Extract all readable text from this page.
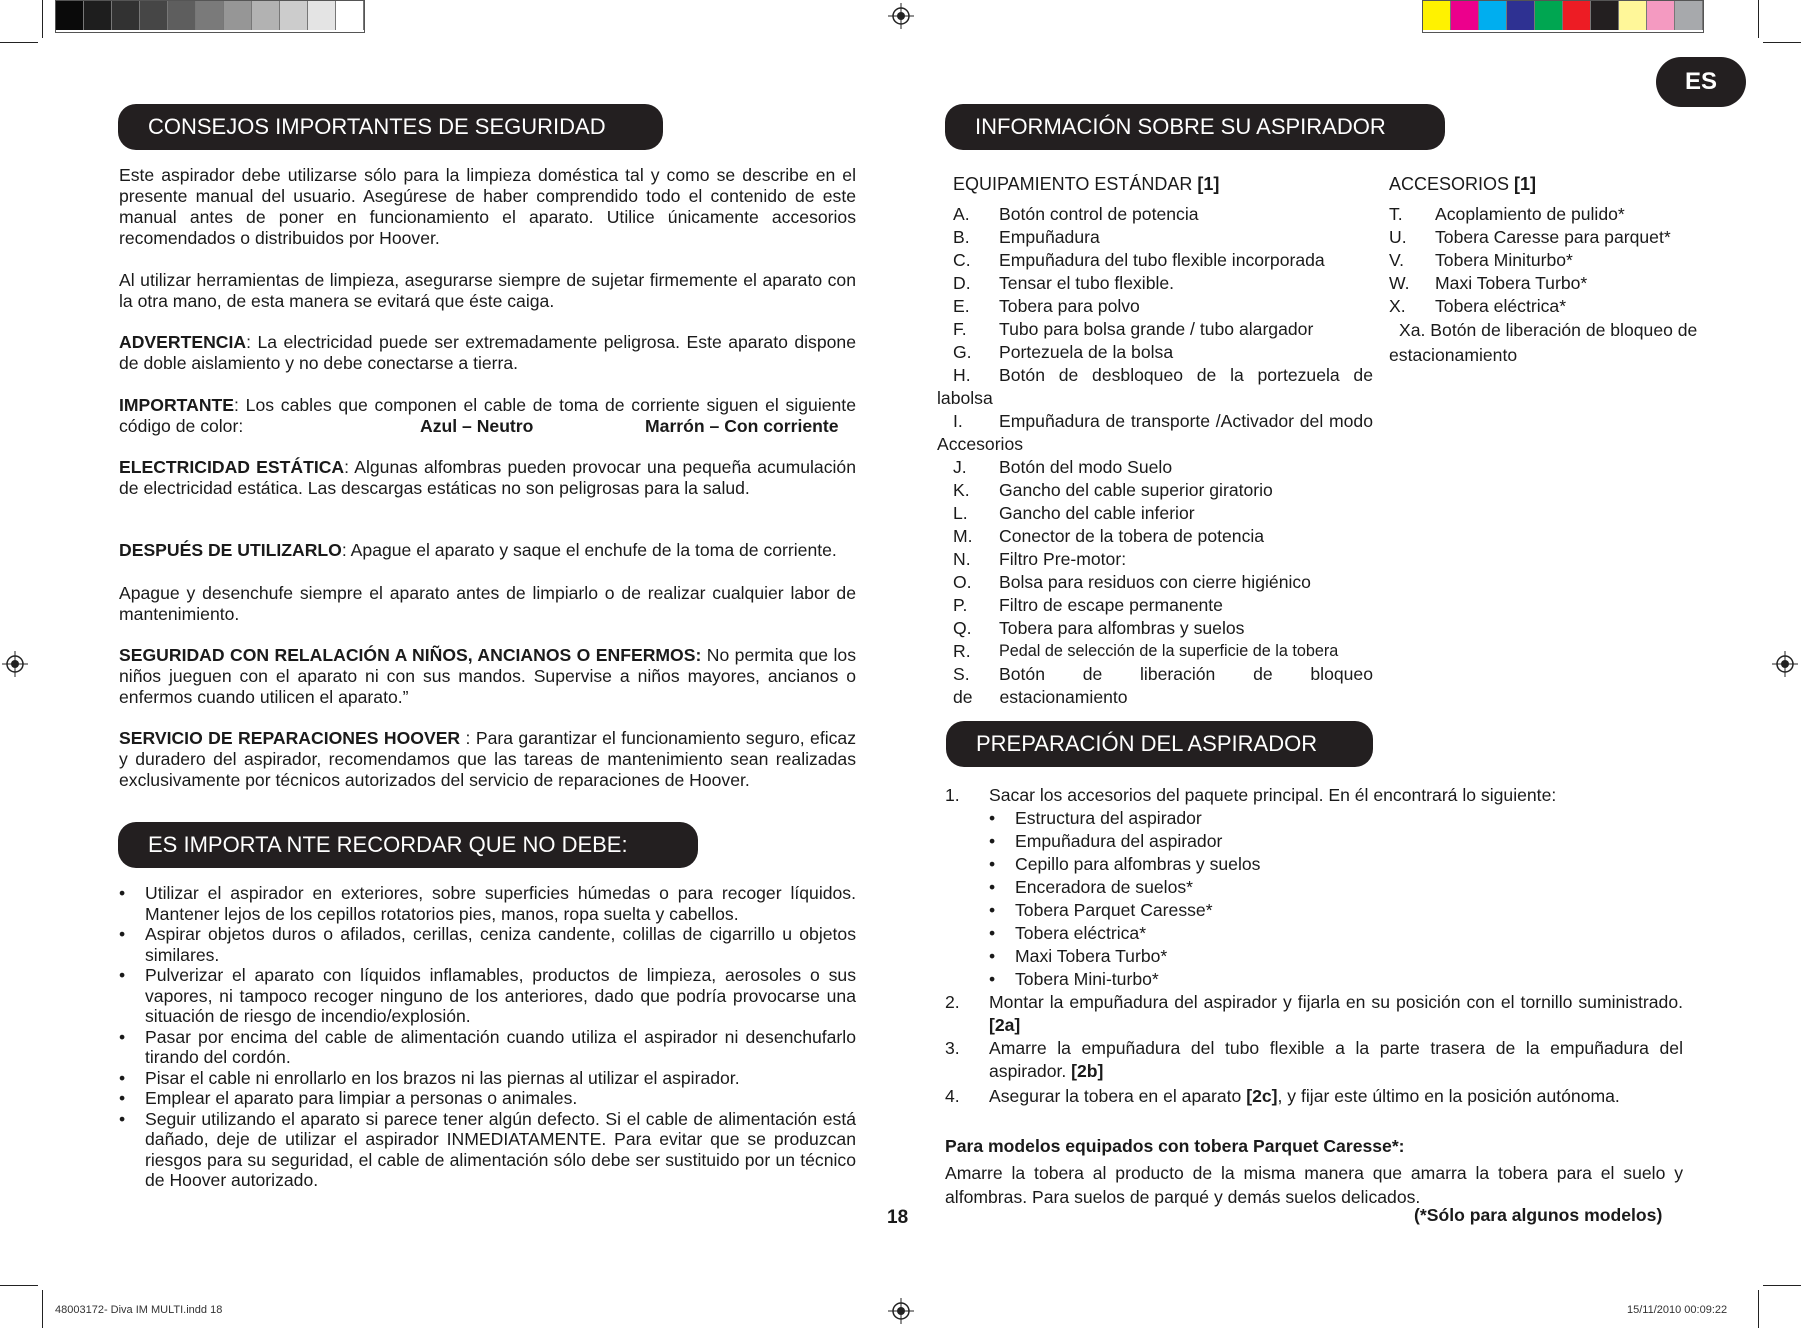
ES
CONSEJOS IMPORTANTES DE SEGURIDAD
Este aspirador debe utilizarse sólo para la limpieza doméstica tal y como se describe en el presente manual del usuario. Asegúrese de haber comprendido todo el contenido de este manual antes de poner en funcionamiento el aparato. Utilice únicamente accesorios recomendados o distribuidos por Hoover.
Al utilizar herramientas de limpieza, asegurarse siempre de sujetar firmemente el aparato con la otra mano, de esta manera se evitará que éste caiga.
ADVERTENCIA: La electricidad puede ser extremadamente peligrosa. Este aparato dispone de doble aislamiento y no debe conectarse a tierra.
IMPORTANTE: Los cables que componen el cable de toma de corriente siguen el siguiente código de color:	Azul – Neutro	Marrón – Con corriente
ELECTRICIDAD ESTÁTICA: Algunas alfombras pueden provocar una pequeña acumulación de electricidad estática. Las descargas estáticas no son peligrosas para la salud.
DESPUÉS DE UTILIZARLO: Apague el aparato y saque el enchufe de la toma de corriente.
Apague y desenchufe siempre el aparato antes de limpiarlo o de realizar cualquier labor de mantenimiento.
SEGURIDAD CON RELALACIÓN A NIÑOS, ANCIANOS O ENFERMOS: No permita que los niños jueguen con el aparato ni con sus mandos. Supervise a niños mayores, ancianos o enfermos cuando utilicen el aparato.”
SERVICIO DE REPARACIONES HOOVER : Para garantizar el funcionamiento seguro, eficaz y duradero del aspirador, recomendamos que las tareas de mantenimiento sean realizadas exclusivamente por técnicos autorizados del servicio de reparaciones de Hoover.
ES IMPORTA NTE RECORDAR QUE NO DEBE:
• Utilizar el aspirador en exteriores, sobre superficies húmedas o para recoger líquidos. Mantener lejos de los cepillos rotatorios pies, manos, ropa suelta y cabellos.
• Aspirar objetos duros o afilados, cerillas, ceniza candente, colillas de cigarrillo u objetos similares.
• Pulverizar el aparato con líquidos inflamables, productos de limpieza, aerosoles o sus vapores, ni tampoco recoger ninguno de los anteriores, dado que podría provocarse una situación de riesgo de incendio/explosión.
• Pasar por encima del cable de alimentación cuando utiliza el aspirador ni desenchufarlo tirando del cordón.
• Pisar el cable ni enrollarlo en los brazos ni las piernas al utilizar el aspirador.
• Emplear el aparato para limpiar a personas o animales.
• Seguir utilizando el aparato si parece tener algún defecto. Si el cable de alimentación está dañado, deje de utilizar el aspirador INMEDIATAMENTE. Para evitar que se produzcan riesgos para su seguridad, el cable de alimentación sólo debe ser sustituido por un técnico de Hoover autorizado.
18
INFORMACIÓN SOBRE SU ASPIRADOR
EQUIPAMIENTO ESTÁNDAR [1]
A.	Botón control de potencia
B.	Empuñadura
C.	Empuñadura del tubo flexible incorporada
D.	Tensar el tubo flexible.
E.	Tobera para polvo
F.	Tubo para bolsa grande / tubo alargador
G.	Portezuela de la bolsa
H. Botón de desbloqueo de la portezuela de labolsa
I. Empuñadura de transporte /Activador del modo Accesorios
J.	Botón del modo Suelo
K.	Gancho del cable superior giratorio
L.	Gancho del cable inferior
M.	Conector de la tobera de potencia
N.	Filtro Pre-motor:
O.	Bolsa para residuos con cierre higiénico
P.	Filtro de escape permanente
Q.	Tobera para alfombras y suelos
R.	Pedal de selección de la superficie de la tobera
S. Botón de liberación de bloqueo de estacionamiento
ACCESORIOS [1]
T.	Acoplamiento de pulido*
U.	Tobera Caresse para parquet*
V.	Tobera Miniturbo*
W.	Maxi Tobera Turbo*
X.	Tobera eléctrica*
Xa. Botón de liberación de bloqueo de estacionamiento
PREPARACIÓN DEL ASPIRADOR
1.	Sacar los accesorios del paquete principal. En él encontrará lo siguiente:
• Estructura del aspirador
• Empuñadura del aspirador
• Cepillo para alfombras y suelos
• Enceradora de suelos*
• Tobera Parquet Caresse*
• Tobera eléctrica*
• Maxi Tobera Turbo*
• Tobera Mini-turbo*
2.	Montar la empuñadura del aspirador y fijarla en su posición con el tornillo suministrado. [2a]
3.	Amarre la empuñadura del tubo flexible a la parte trasera de la empuñadura del aspirador. [2b]
4.	Asegurar la tobera en el aparato [2c], y fijar este último en la posición autónoma.
Para modelos equipados con tobera Parquet Caresse*:
Amarre la tobera al producto de la misma manera que amarra la tobera para el suelo y alfombras. Para suelos de parqué y demás suelos delicados.
(*Sólo para algunos modelos)
48003172- Diva IM MULTI.indd 18	15/11/2010 00:09:22
